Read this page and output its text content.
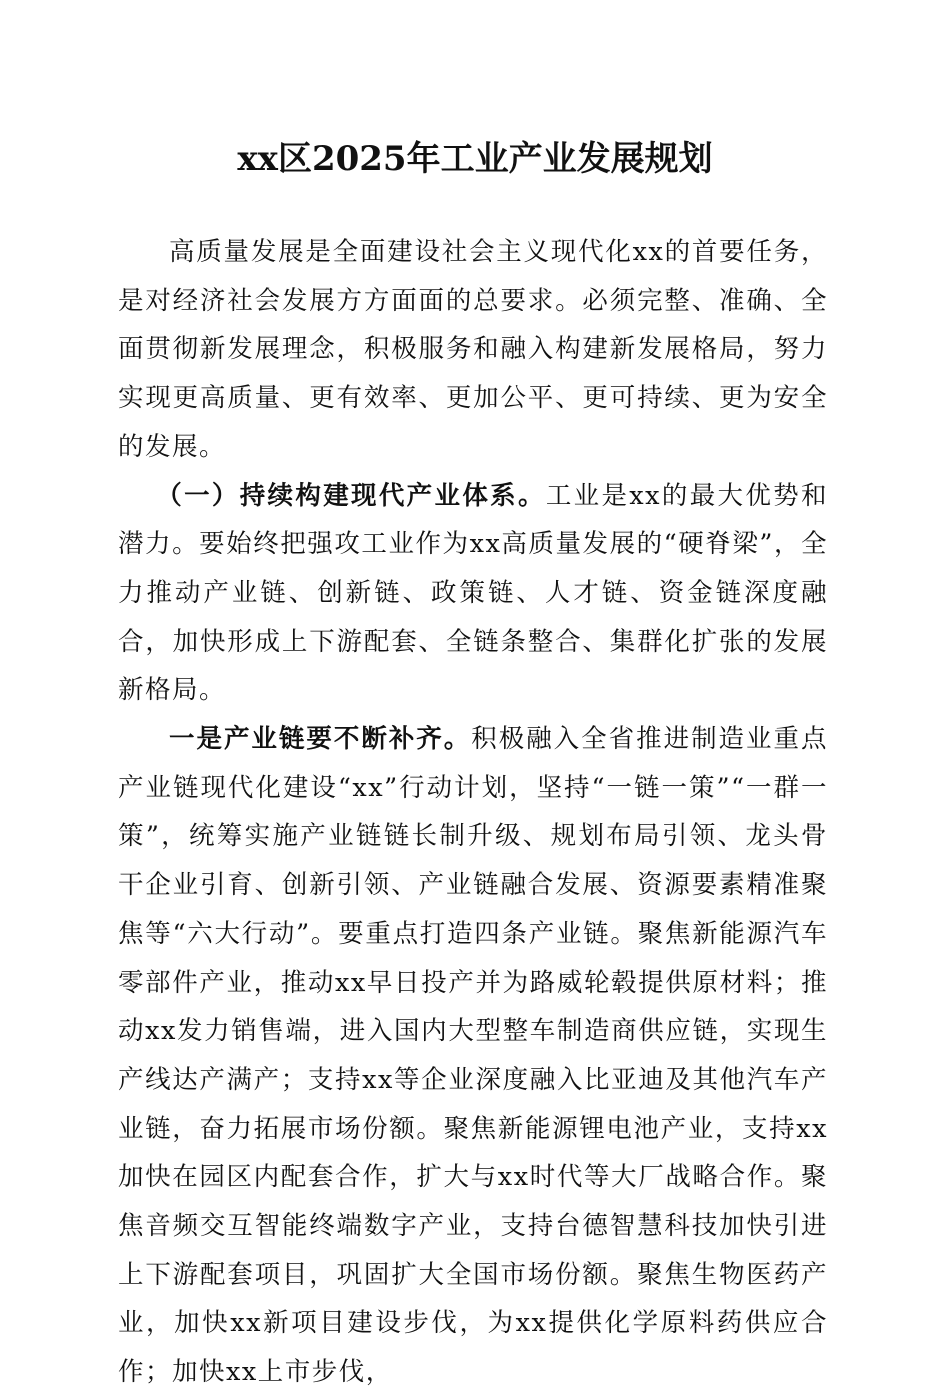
xx区2025年工业产业发展规划

高质量发展是全面建设社会主义现代化xx的首要任务，是对经济社会发展方方面面的总要求。必须完整、准确、全面贯彻新发展理念，积极服务和融入构建新发展格局，努力实现更高质量、更有效率、更加公平、更可持续、更为安全的发展。

（一）持续构建现代产业体系。工业是xx的最大优势和潜力。要始终把强攻工业作为xx高质量发展的“硬脊梁”，全力推动产业链、创新链、政策链、人才链、资金链深度融合，加快形成上下游配套、全链条整合、集群化扩张的发展新格局。

一是产业链要不断补齐。积极融入全省推进制造业重点产业链现代化建设“xx”行动计划，坚持“一链一策”“一群一策”，统筹实施产业链链长制升级、规划布局引领、龙头骨干企业引育、创新引领、产业链融合发展、资源要素精准聚焦等“六大行动”。要重点打造四条产业链。聚焦新能源汽车零部件产业，推动xx早日投产并为路威轮毂提供原材料；推动xx发力销售端，进入国内大型整车制造商供应链，实现生产线达产满产；支持xx等企业深度融入比亚迪及其他汽车产业链，奋力拓展市场份额。聚焦新能源锂电池产业，支持xx加快在园区内配套合作，扩大与xx时代等大厂战略合作。聚焦音频交互智能终端数字产业，支持台德智慧科技加快引进上下游配套项目，巩固扩大全国市场份额。聚焦生物医药产业，加快xx新项目建设步伐，为xx提供化学原料药供应合作；加快xx上市步伐，
